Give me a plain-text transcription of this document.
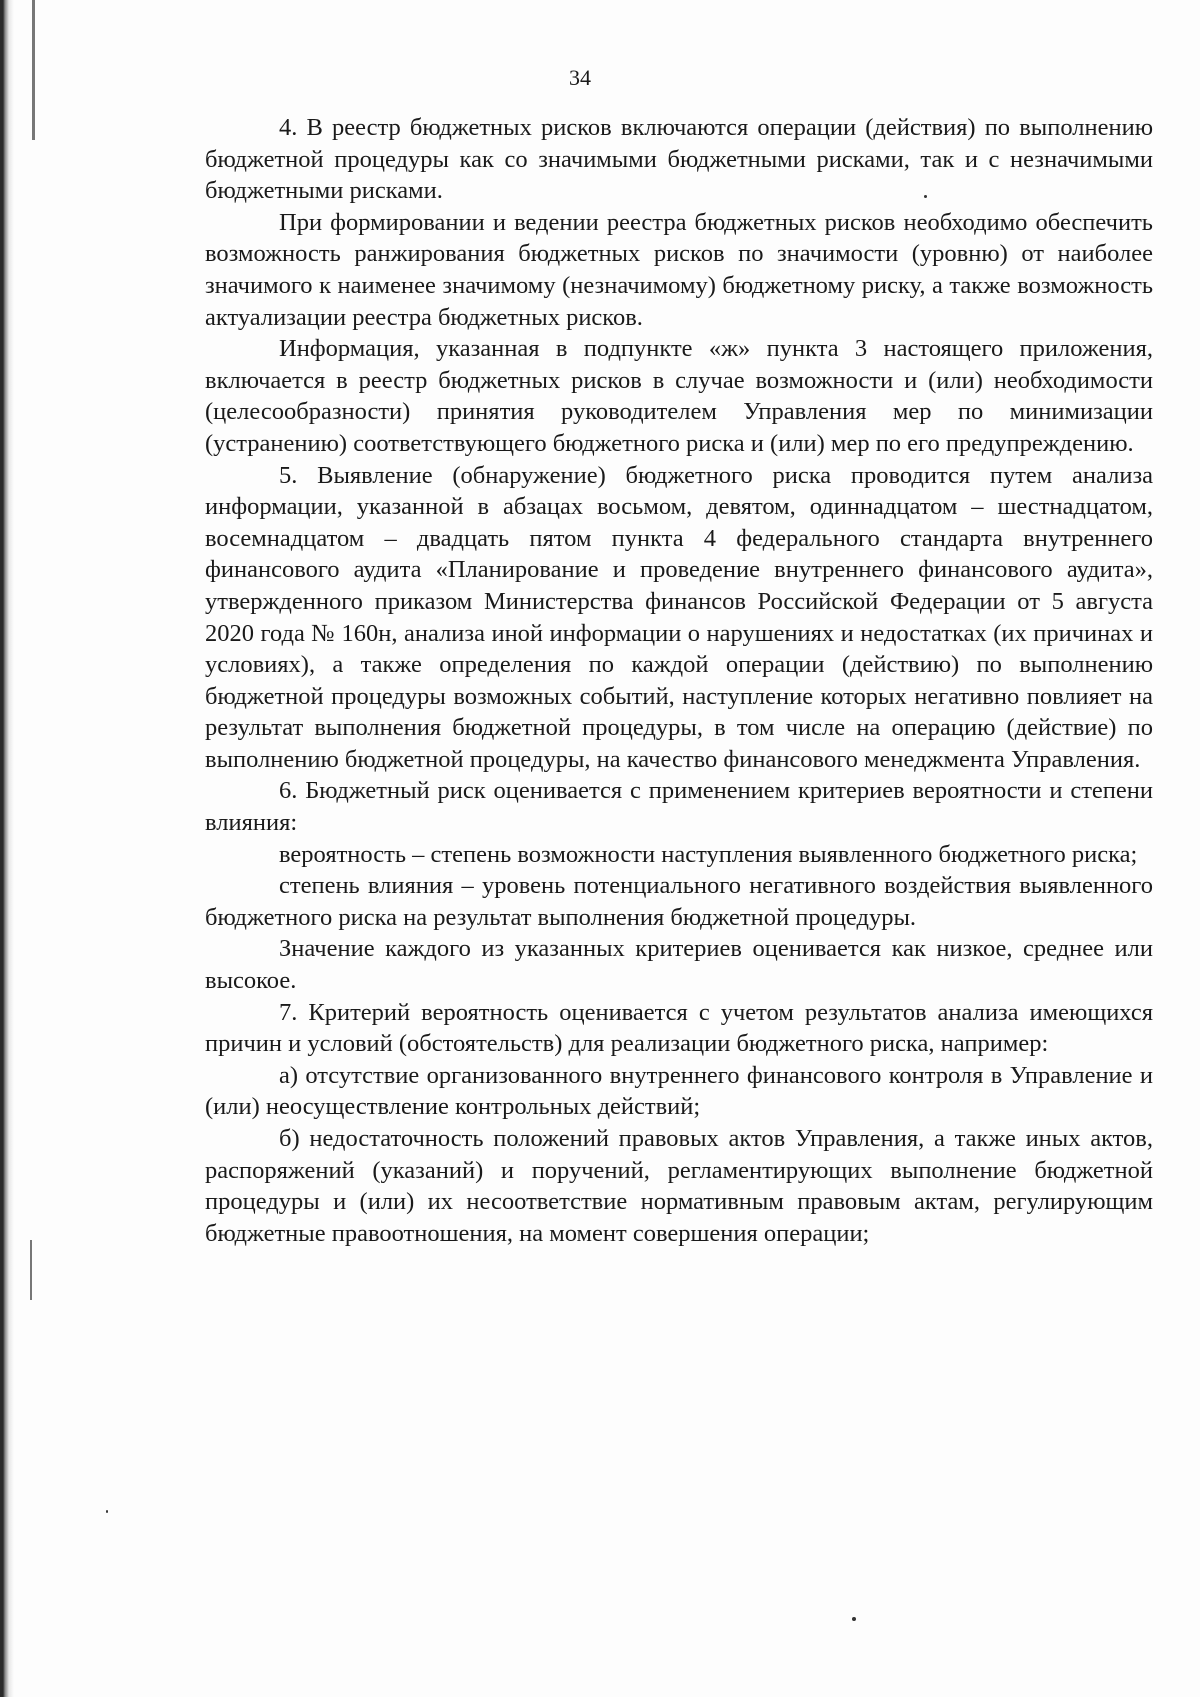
34

4. В реестр бюджетных рисков включаются операции (действия) по выполнению бюджетной процедуры как со значимыми бюджетными рисками, так и с незначимыми бюджетными рисками.

При формировании и ведении реестра бюджетных рисков необходимо обеспечить возможность ранжирования бюджетных рисков по значимости (уровню) от наиболее значимого к наименее значимому (незначимому) бюджетному риску, а также возможность актуализации реестра бюджетных рисков.

Информация, указанная в подпункте «ж» пункта 3 настоящего приложения, включается в реестр бюджетных рисков в случае возможности и (или) необходимости (целесообразности) принятия руководителем Управления мер по минимизации (устранению) соответствующего бюджетного риска и (или) мер по его предупреждению.

5. Выявление (обнаружение) бюджетного риска проводится путем анализа информации, указанной в абзацах восьмом, девятом, одиннадцатом – шестнадцатом, восемнадцатом – двадцать пятом пункта 4 федерального стандарта внутреннего финансового аудита «Планирование и проведение внутреннего финансового аудита», утвержденного приказом Министерства финансов Российской Федерации от 5 августа 2020 года № 160н, анализа иной информации о нарушениях и недостатках (их причинах и условиях), а также определения по каждой операции (действию) по выполнению бюджетной процедуры возможных событий, наступление которых негативно повлияет на результат выполнения бюджетной процедуры, в том числе на операцию (действие) по выполнению бюджетной процедуры, на качество финансового менеджмента Управления.

6. Бюджетный риск оценивается с применением критериев вероятности и степени влияния:

вероятность – степень возможности наступления выявленного бюджетного риска;

степень влияния – уровень потенциального негативного воздействия выявленного бюджетного риска на результат выполнения бюджетной процедуры.

Значение каждого из указанных критериев оценивается как низкое, среднее или высокое.

7. Критерий вероятность оценивается с учетом результатов анализа имеющихся причин и условий (обстоятельств) для реализации бюджетного риска, например:

а) отсутствие организованного внутреннего финансового контроля в Управление и (или) неосуществление контрольных действий;

б) недостаточность положений правовых актов Управления, а также иных актов, распоряжений (указаний) и поручений, регламентирующих выполнение бюджетной процедуры и (или) их несоответствие нормативным правовым актам, регулирующим бюджетные правоотношения, на момент совершения операции;
